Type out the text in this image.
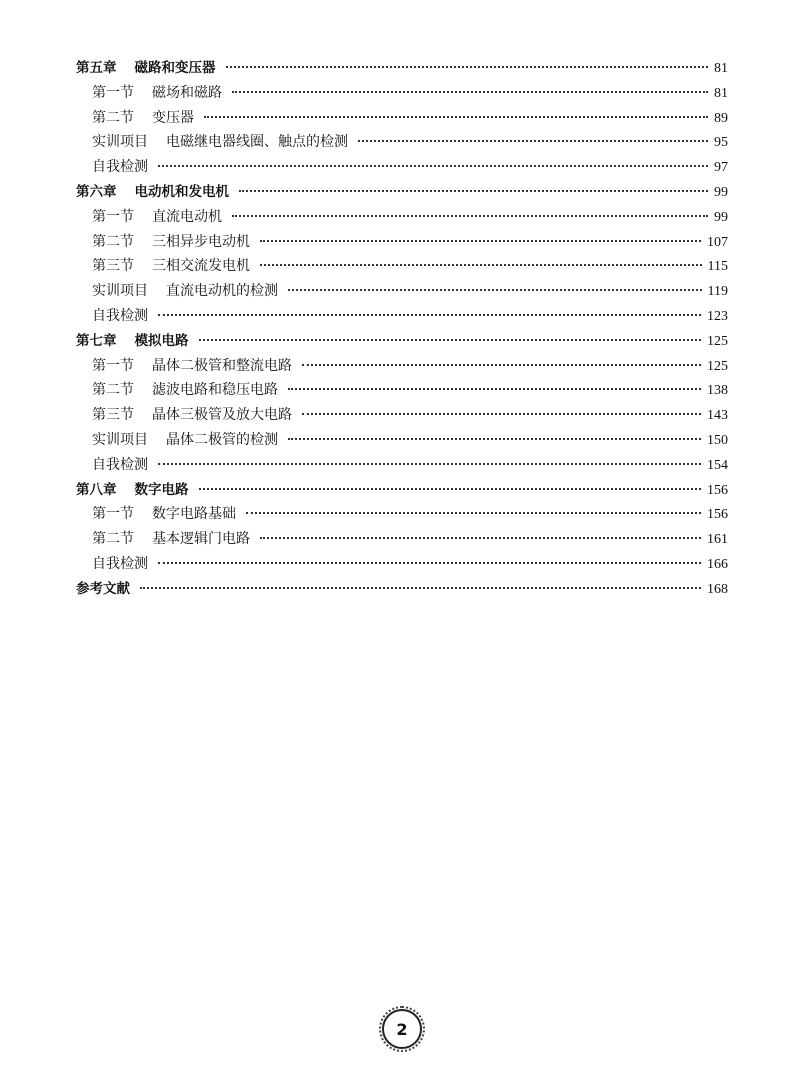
第五章 磁路和变压器	81
第一节 磁场和磁路	81
第二节 变压器	89
实训项目 电磁继电器线圈、触点的检测	95
自我检测	97
第六章 电动机和发电机	99
第一节 直流电动机	99
第二节 三相异步电动机	107
第三节 三相交流发电机	115
实训项目 直流电动机的检测	119
自我检测	123
第七章 模拟电路	125
第一节 晶体二极管和整流电路	125
第二节 滤波电路和稳压电路	138
第三节 晶体三极管及放大电路	143
实训项目 晶体二极管的检测	150
自我检测	154
第八章 数字电路	156
第一节 数字电路基础	156
第二节 基本逻辑门电路	161
自我检测	166
参考文献	168
2
